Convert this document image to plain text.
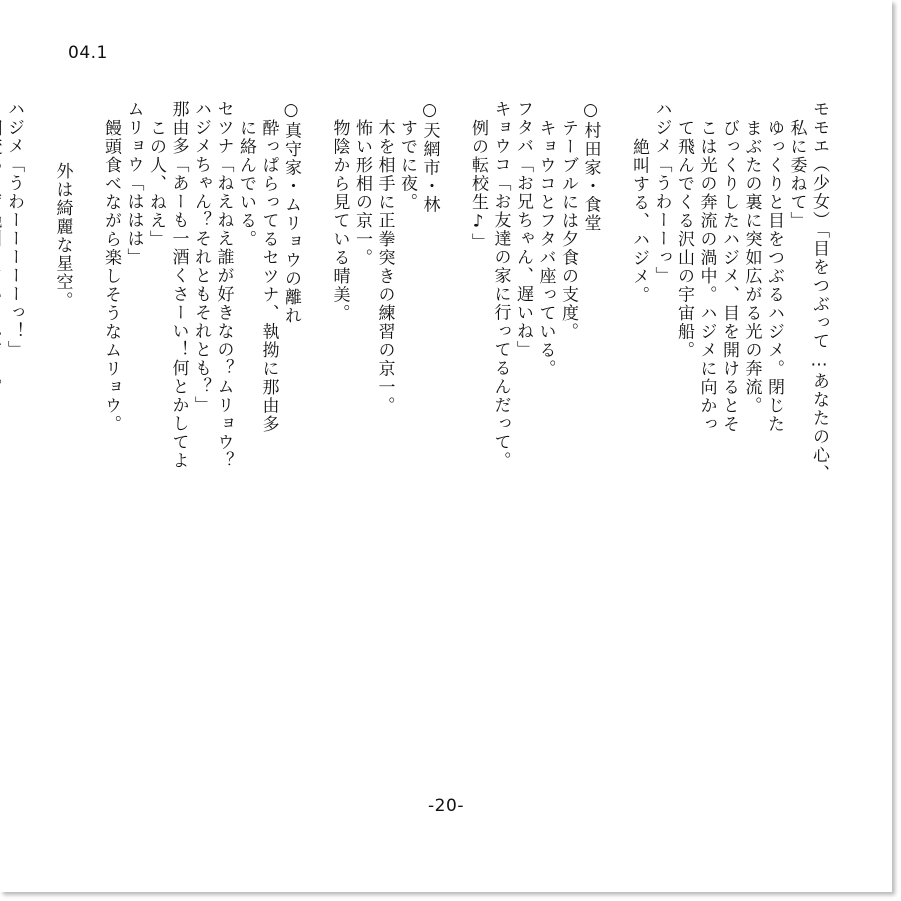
04.1
モモエ（少女）「目をつぶって…あなたの心、
私に委ねて」
ゆっくりと目をつぶるハジメ。閉じた
まぶたの裏に突如広がる光の奔流。
びっくりしたハジメ、目を開けるとそ
こは光の奔流の渦中。ハジメに向かっ
て飛んでくる沢山の宇宙船。
ハジメ「うわーーっ」
絶叫する、ハジメ。
○村田家・食堂
テーブルには夕食の支度。
キョウコとフタバ座っている。
フタバ「お兄ちゃん、遅いね」
キョウコ「お友達の家に行ってるんだって。
例の転校生♪」
○天網市・林
すでに夜。
木を相手に正拳突きの練習の京一。
怖い形相の京一。
物陰から見ている晴美。
○真守家・ムリョウの離れ
酔っぱらってるセツナ、執拗に那由多
に絡んでいる。
セツナ「ねえねえ誰が好きなの？ムリョウ？
ハジメちゃん？それともそれとも？」
那由多「あーも一酒くさーい！何とかしてよ
この人、ねえ」
ムリョウ「ははは」
饅頭食べながら楽しそうなムリョウ。
外は綺麗な星空。
ハジメ「うわーーーーーっ！」
-20-
